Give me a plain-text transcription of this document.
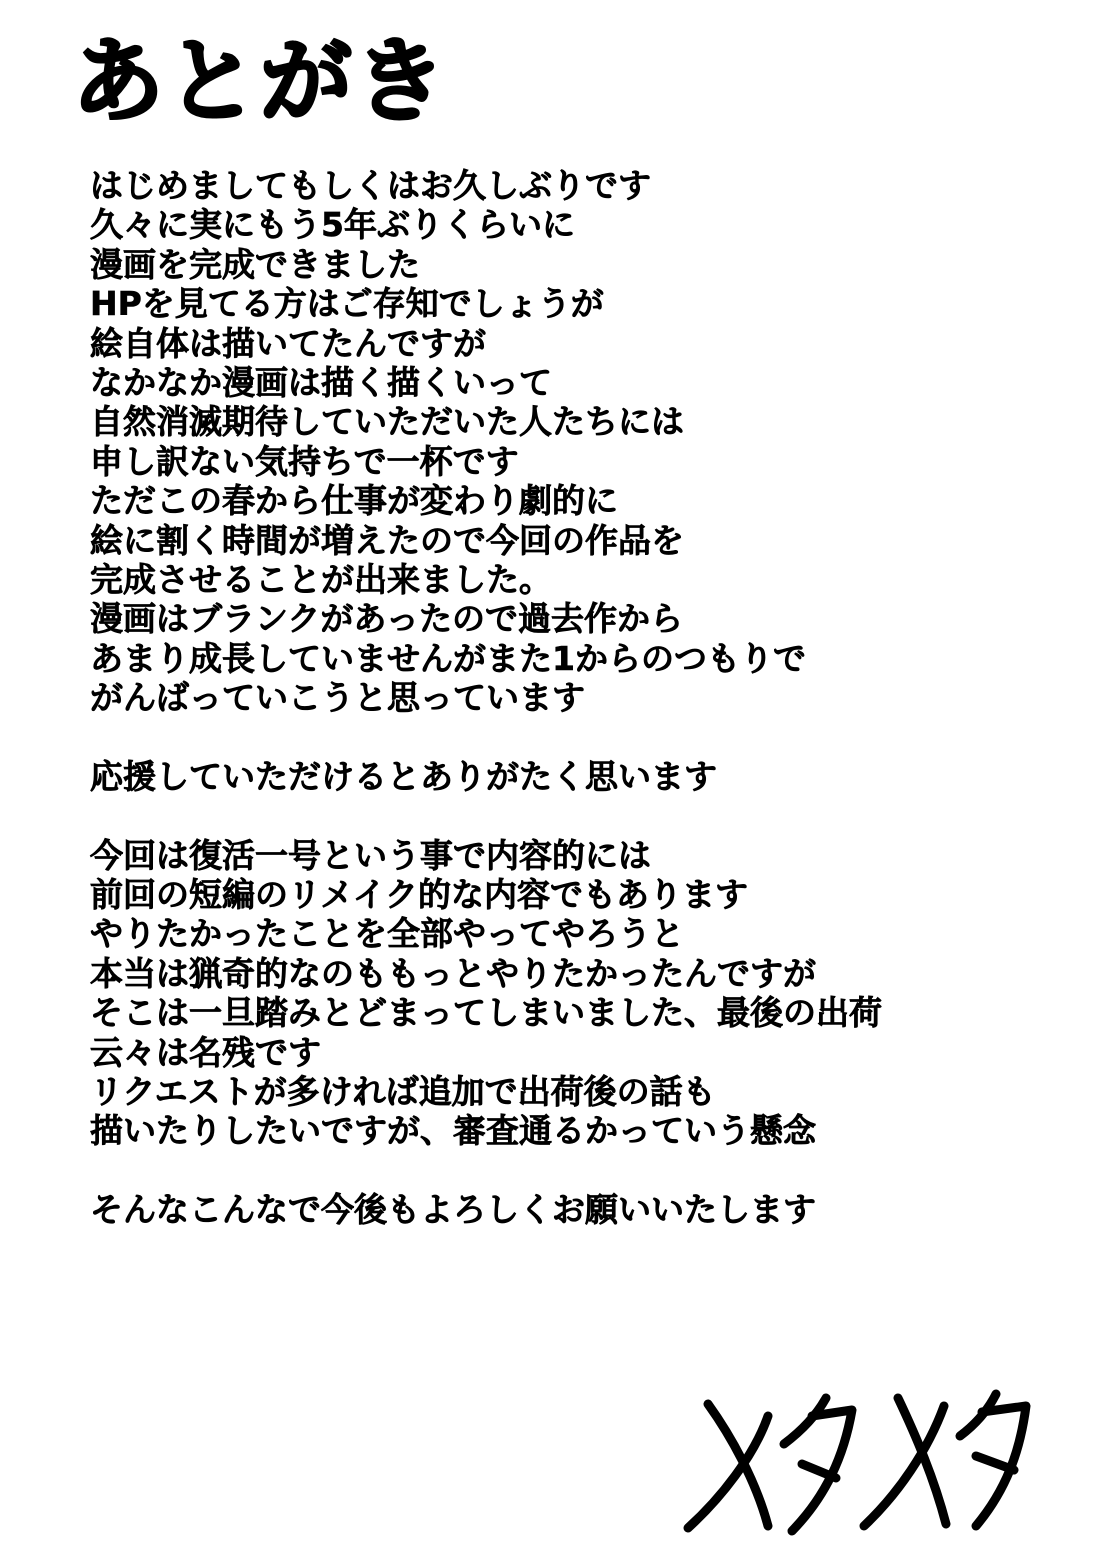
あとがき
はじめましてもしくはお久しぶりです
久々に実にもう5年ぶりくらいに
漫画を完成できました
HPを見てる方はご存知でしょうが
絵自体は描いてたんですが
なかなか漫画は描く描くいって
自然消滅期待していただいた人たちには
申し訳ない気持ちで一杯です
ただこの春から仕事が変わり劇的に
絵に割く時間が増えたので今回の作品を
完成させることが出来ました。
漫画はブランクがあったので過去作から
あまり成長していませんがまた1からのつもりで
がんばっていこうと思っています
応援していただけるとありがたく思います
今回は復活一号という事で内容的には
前回の短編のリメイク的な内容でもあります
やりたかったことを全部やってやろうと
本当は猟奇的なのももっとやりたかったんですが
そこは一旦踏みとどまってしまいました、最後の出荷
云々は名残です
リクエストが多ければ追加で出荷後の話も
描いたりしたいですが、審査通るかっていう懸念
そんなこんなで今後もよろしくお願いいたします
